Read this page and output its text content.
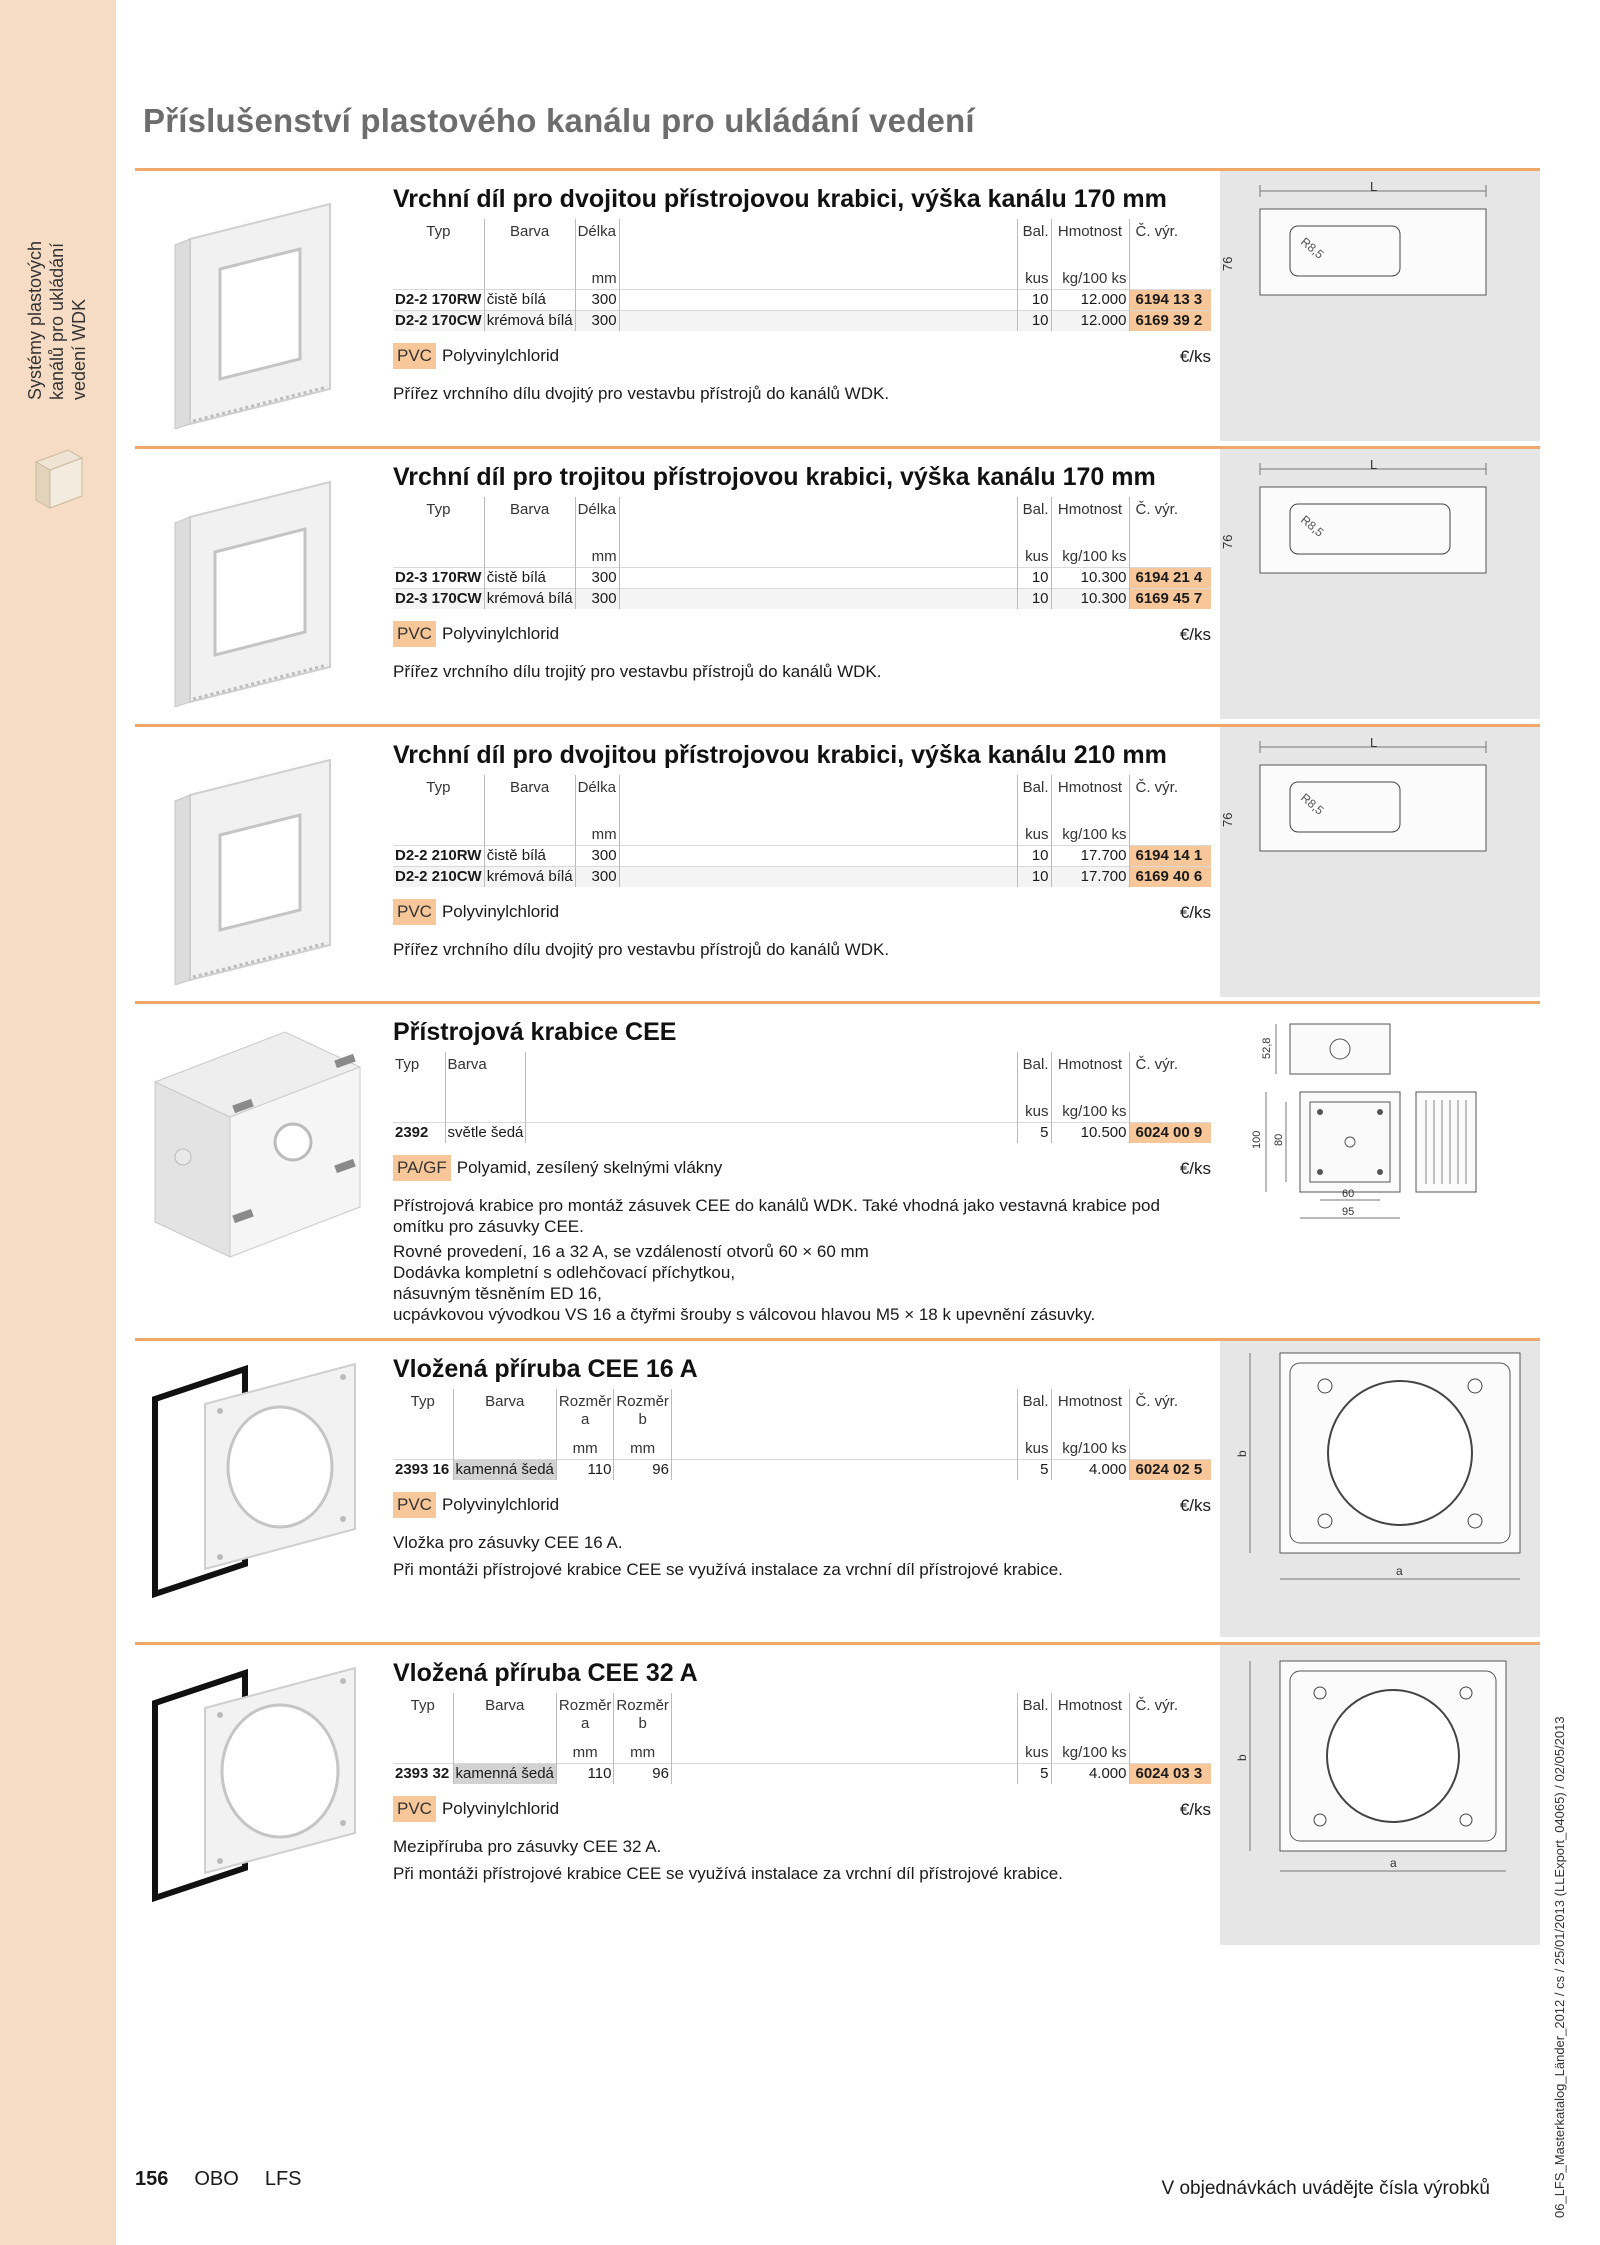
Systémy plastových kanálů pro ukládání vedení WDK
Příslušenství plastového kanálu pro ukládání vedení
Vrchní díl pro dvojitou přístrojovou krabici, výška kanálu 170 mm
Typ	Barva	Délka		Bal.	Hmotnost	Č. výr.
		mm		kus	kg/100 ks	
D2-2 170RW	čistě bílá	300		10	12.000	6194 13 3
D2-2 170CW	krémová bílá	300		10	12.000	6169 39 2
PVC Polyvinylchlorid	€/ks
Přířez vrchního dílu dvojitý pro vestavbu přístrojů do kanálů WDK.
L
76
R8,5
Vrchní díl pro trojitou přístrojovou krabici, výška kanálu 170 mm
Typ	Barva	Délka		Bal.	Hmotnost	Č. výr.
		mm		kus	kg/100 ks	
D2-3 170RW	čistě bílá	300		10	10.300	6194 21 4
D2-3 170CW	krémová bílá	300		10	10.300	6169 45 7
PVC Polyvinylchlorid	€/ks
Přířez vrchního dílu trojitý pro vestavbu přístrojů do kanálů WDK.
L
76
R8,5
Vrchní díl pro dvojitou přístrojovou krabici, výška kanálu 210 mm
Typ	Barva	Délka		Bal.	Hmotnost	Č. výr.
		mm		kus	kg/100 ks	
D2-2 210RW	čistě bílá	300		10	17.700	6194 14 1
D2-2 210CW	krémová bílá	300		10	17.700	6169 40 6
PVC Polyvinylchlorid	€/ks
Přířez vrchního dílu dvojitý pro vestavbu přístrojů do kanálů WDK.
L
76
R8,5
Přístrojová krabice CEE
Typ	Barva		Bal.	Hmotnost	Č. výr.
			kus	kg/100 ks	
2392	světle šedá		5	10.500	6024 00 9
PA/GF Polyamid, zesílený skelnými vlákny	€/ks
Přístrojová krabice pro montáž zásuvek CEE do kanálů WDK. Také vhodná jako vestavná krabice pod omítku pro zásuvky CEE.
Rovné provedení, 16 a 32 A, se vzdáleností otvorů 60 × 60 mm
Dodávka kompletní s odlehčovací příchytkou,
násuvným těsněním ED 16,
ucpávkovou vývodkou VS 16 a čtyřmi šrouby s válcovou hlavou M5 × 18 k upevnění zásuvky.
52,8
100 80
60
95
Vložená příruba CEE 16 A
Typ	Barva	Rozměr a	Rozměr b		Bal.	Hmotnost	Č. výr.
		mm	mm		kus	kg/100 ks	
2393 16	kamenná šedá	110	96		5	4.000	6024 02 5
PVC Polyvinylchlorid	€/ks
Vložka pro zásuvky CEE 16 A.
Při montáži přístrojové krabice CEE se využívá instalace za vrchní díl přístrojové krabice.
b
a
Vložená příruba CEE 32 A
Typ	Barva	Rozměr a	Rozměr b		Bal.	Hmotnost	Č. výr.
		mm	mm		kus	kg/100 ks	
2393 32	kamenná šedá	110	96		5	4.000	6024 03 3
PVC Polyvinylchlorid	€/ks
Mezipříruba pro zásuvky CEE 32 A.
Při montáži přístrojové krabice CEE se využívá instalace za vrchní díl přístrojové krabice.
b
a
156 OBO LFS	V objednávkách uvádějte čísla výrobků	06_LFS_Masterkatalog_Länder_2012 / cs / 25/01/2013 (LLExport_04065) / 02/05/2013
